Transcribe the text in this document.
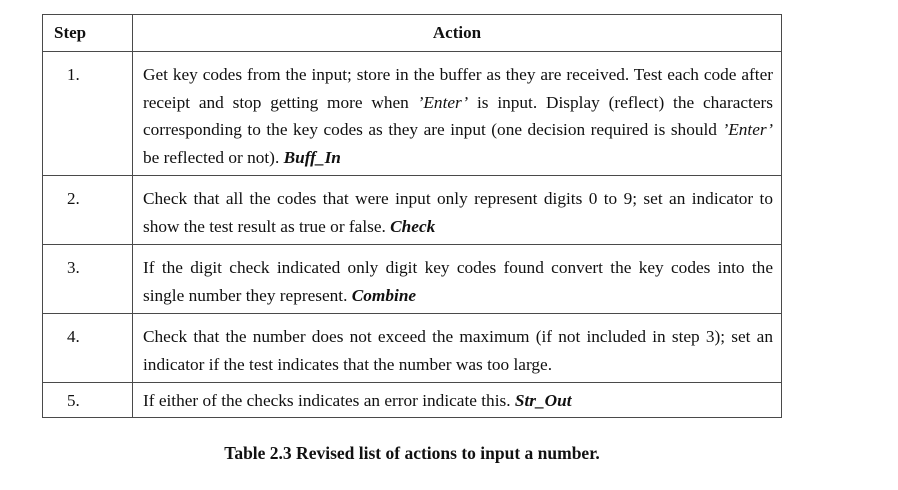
Step	Action

1.	Get key codes from the input; store in the buffer as they are received. Test each code after receipt and stop getting more when ’Enter’ is input. Display (reflect) the characters corresponding to the key codes as they are input (one decision required is should ’Enter’ be reflected or not). Buff_In

2.	Check that all the codes that were input only represent digits 0 to 9; set an indicator to show the test result as true or false. Check

3.	If the digit check indicated only digit key codes found convert the key codes into the single number they represent. Combine

4.	Check that the number does not exceed the maximum (if not included in step 3); set an indicator if the test indicates that the number was too large.

5.	If either of the checks indicates an error indicate this. Str_Out
Table 2.3 Revised list of actions to input a number.
